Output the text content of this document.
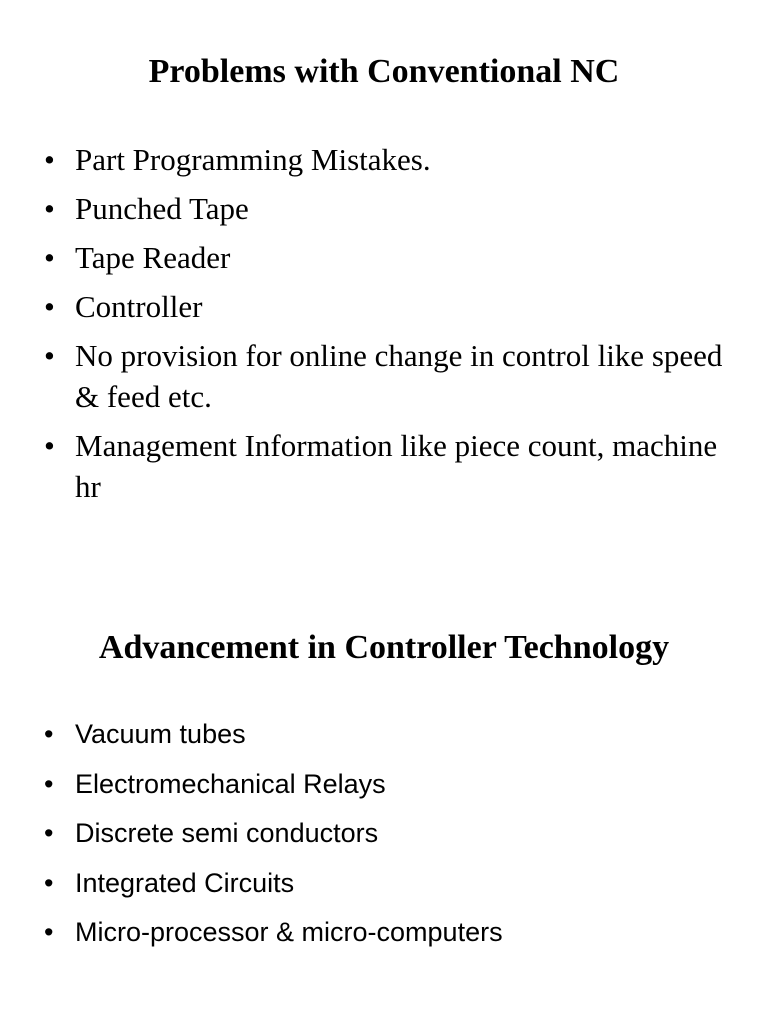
Problems with Conventional NC
• Part Programming Mistakes.
• Punched Tape
• Tape Reader
• Controller
• No provision for online change in control like speed & feed etc.
• Management Information like piece count, machine hr
Advancement in Controller Technology
• Vacuum tubes
• Electromechanical Relays
• Discrete semi conductors
• Integrated Circuits
• Micro-processor & micro-computers
